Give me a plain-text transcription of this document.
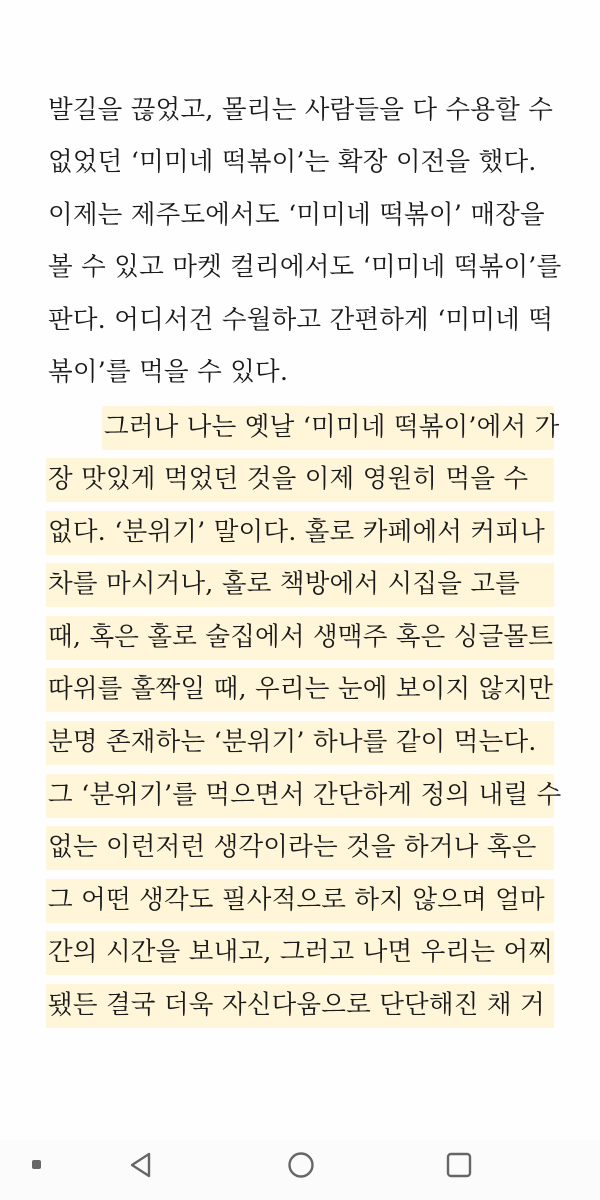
발길을 끊었고, 몰리는 사람들을 다 수용할 수
없었던 ‘미미네 떡볶이’는 확장 이전을 했다.
이제는 제주도에서도 ‘미미네 떡볶이’ 매장을
볼 수 있고 마켓 컬리에서도 ‘미미네 떡볶이’를
판다. 어디서건 수월하고 간편하게 ‘미미네 떡
볶이’를 먹을 수 있다.
그러나 나는 옛날 ‘미미네 떡볶이’에서 가
장 맛있게 먹었던 것을 이제 영원히 먹을 수
없다. ‘분위기’ 말이다. 홀로 카페에서 커피나
차를 마시거나, 홀로 책방에서 시집을 고를
때, 혹은 홀로 술집에서 생맥주 혹은 싱글몰트
따위를 홀짝일 때, 우리는 눈에 보이지 않지만
분명 존재하는 ‘분위기’ 하나를 같이 먹는다.
그 ‘분위기’를 먹으면서 간단하게 정의 내릴 수
없는 이런저런 생각이라는 것을 하거나 혹은
그 어떤 생각도 필사적으로 하지 않으며 얼마
간의 시간을 보내고, 그러고 나면 우리는 어찌
됐든 결국 더욱 자신다움으로 단단해진 채 거
